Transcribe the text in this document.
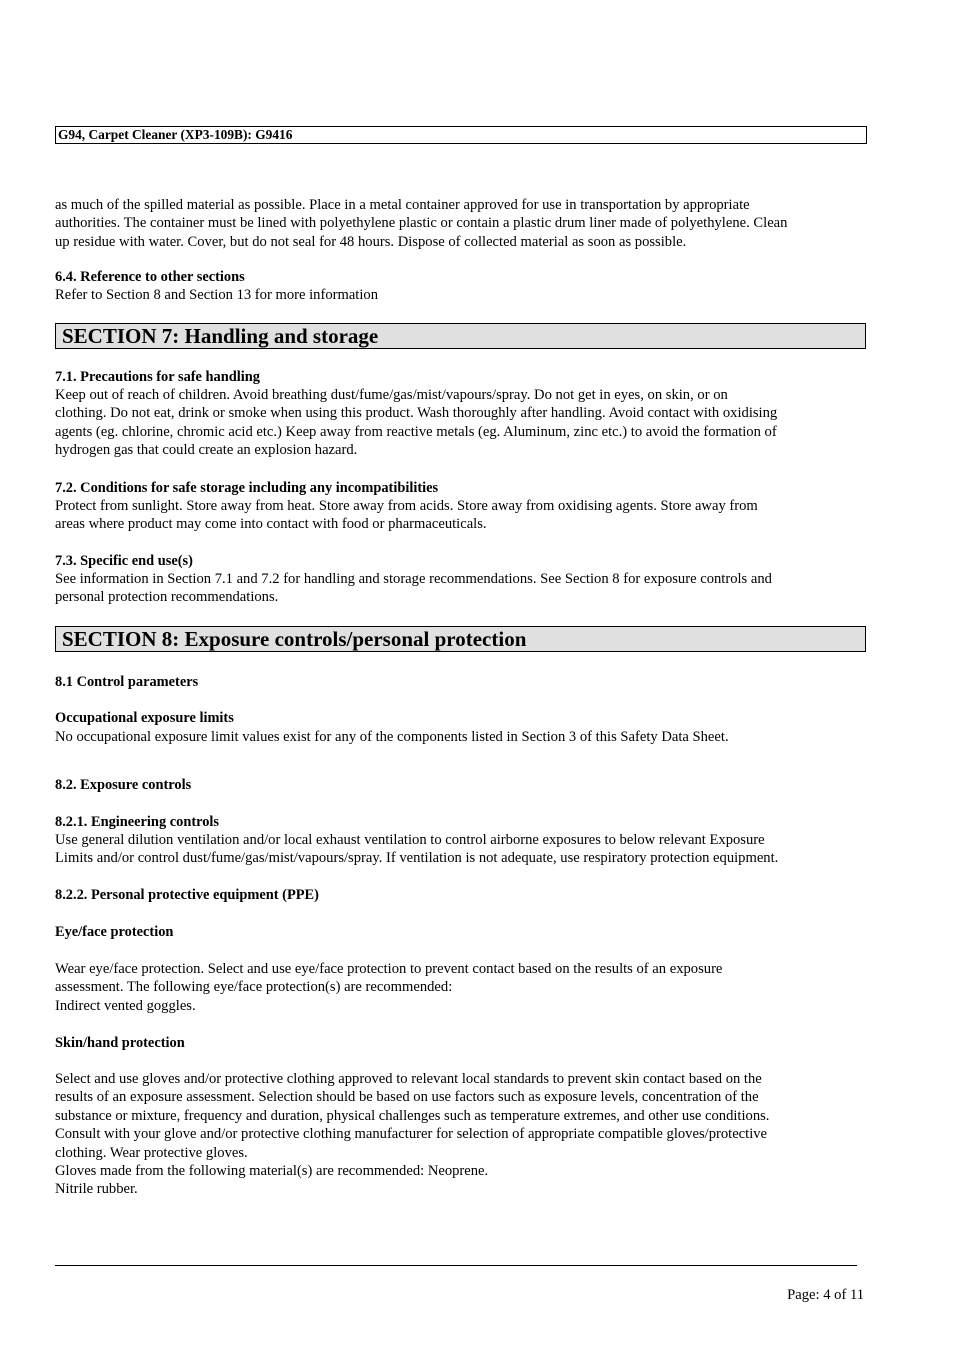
G94, Carpet Cleaner (XP3-109B): G9416
as much of the spilled material as possible. Place in a metal container approved for use in transportation by appropriate
authorities. The container must be lined with polyethylene plastic or contain a plastic drum liner made of polyethylene. Clean
up residue with water. Cover, but do not seal for 48 hours. Dispose of collected material as soon as possible.
6.4. Reference to other sections
Refer to Section 8 and Section 13 for more information
SECTION 7: Handling and storage
7.1. Precautions for safe handling
Keep out of reach of children. Avoid breathing dust/fume/gas/mist/vapours/spray. Do not get in eyes, on skin, or on
clothing. Do not eat, drink or smoke when using this product. Wash thoroughly after handling. Avoid contact with oxidising
agents (eg. chlorine, chromic acid etc.) Keep away from reactive metals (eg. Aluminum, zinc etc.) to avoid the formation of
hydrogen gas that could create an explosion hazard.
7.2. Conditions for safe storage including any incompatibilities
Protect from sunlight. Store away from heat. Store away from acids. Store away from oxidising agents. Store away from
areas where product may come into contact with food or pharmaceuticals.
7.3. Specific end use(s)
See information in Section 7.1 and 7.2 for handling and storage recommendations. See Section 8 for exposure controls and
personal protection recommendations.
SECTION 8: Exposure controls/personal protection
8.1 Control parameters
Occupational exposure limits
No occupational exposure limit values exist for any of the components listed in Section 3 of this Safety Data Sheet.
8.2. Exposure controls
8.2.1. Engineering controls
Use general dilution ventilation and/or local exhaust ventilation to control airborne exposures to below relevant Exposure
Limits and/or control dust/fume/gas/mist/vapours/spray. If ventilation is not adequate, use respiratory protection equipment.
8.2.2. Personal protective equipment (PPE)
Eye/face protection
Wear eye/face protection. Select and use eye/face protection to prevent contact based on the results of an exposure
assessment. The following eye/face protection(s) are recommended:
Indirect vented goggles.
Skin/hand protection
Select and use gloves and/or protective clothing approved to relevant local standards to prevent skin contact based on the
results of an exposure assessment. Selection should be based on use factors such as exposure levels, concentration of the
substance or mixture, frequency and duration, physical challenges such as temperature extremes, and other use conditions.
Consult with your glove and/or protective clothing manufacturer for selection of appropriate compatible gloves/protective
clothing. Wear protective gloves.
Gloves made from the following material(s) are recommended: Neoprene.
Nitrile rubber.
Page: 4 of 11
